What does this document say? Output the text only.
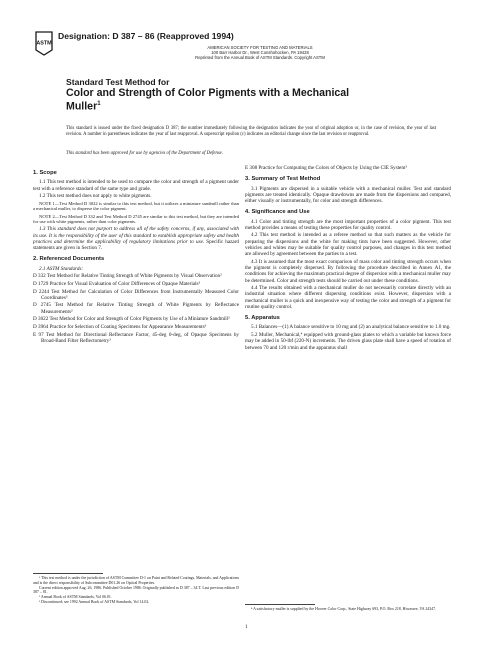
ASTM
Designation: D 387 – 86 (Reapproved 1994)
AMERICAN SOCIETY FOR TESTING AND MATERIALS
100 Barr Harbor Dr., West Conshohocken, PA 19428
Reprinted from the Annual Book of ASTM Standards. Copyright ASTM
Standard Test Method for
Color and Strength of Color Pigments with a Mechanical Muller$^1$
This standard is issued under the fixed designation D 387; the number immediately following the designation indicates the year of original adoption or, in the case of revision, the year of last revision. A number in parentheses indicates the year of last reapproval. A superscript epsilon (ε) indicates an editorial change since the last revision or reapproval.
This standard has been approved for use by agencies of the Department of Defense.

1. Scope

1.1 This test method is intended to be used to compare the color and strength of a pigment under test with a reference standard of the same type and grade.

1.2 This test method does not apply to white pigments.

NOTE 1—Test Method D 3022 is similar to this test method, but it utilizes a miniature sandmill rather than a mechanical muller, to disperse the color pigment.

NOTE 2—Test Method D 332 and Test Method D 2745 are similar to this test method, but they are intended for use with white pigments, rather than color pigments.

1.3 This standard does not purport to address all of the safety concerns, if any, associated with its use. It is the responsibility of the user of this standard to establish appropriate safety and health practices and determine the applicability of regulatory limitations prior to use. Specific hazard statements are given in Section 7.

2. Referenced Documents

2.1 ASTM Standards:

D 332 Test Method for Relative Tinting Strength of White Pigments by Visual Observation²

D 1729 Practice for Visual Evaluation of Color Differences of Opaque Materials³

D 2244 Test Method for Calculation of Color Differences from Instrumentally Measured Color Coordinates³

D 2745 Test Method for Relative Tinting Strength of White Pigments by Reflectance Measurements²

D 3022 Test Method for Color and Strength of Color Pigments by Use of a Miniature Sandmill²

D 3964 Practice for Selection of Coating Specimens for Appearance Measurements³

E 97 Test Method for Directional Reflectance Factor, 45-deg 0-deg, of Opaque Specimens by Broad-Band Filter Reflectometry³

E 308 Practice for Computing the Colors of Objects by Using the CIE System³

3. Summary of Test Method

3.1 Pigments are dispersed in a suitable vehicle with a mechanical muller. Test and standard pigments are treated identically. Opaque drawdowns are made from the dispersions and compared, either visually or instrumentally, for color and strength differences.

4. Significance and Use

4.1 Color and tinting strength are the most important properties of a color pigment. This test method provides a means of testing these properties for quality control.

4.2 This test method is intended as a referee method so that such matters as the vehicle for preparing the dispersions and the white for making tints have been suggested. However, other vehicles and whites may be suitable for quality control purposes, and changes in this test method are allowed by agreement between the parties to a test.

4.3 It is assumed that the most exact comparison of mass color and tinting strength occurs when the pigment is completely dispersed. By following the procedure described in Annex A1, the conditions for achieving the maximum practical degree of dispersion with a mechanical muller may be determined. Color and strength tests should be carried out under these conditions.

4.4 The results obtained with a mechanical muller do not necessarily correlate directly with an industrial situation where different dispersing conditions exist. However, dispersion with a mechanical muller is a quick and inexpensive way of testing the color and strength of a pigment for routine quality control.

5. Apparatus

5.1 Balances—(1) A balance sensitive to 10 mg and (2) an analytical balance sensitive to 1.0 mg.

5.2 Muller, Mechanical,⁴ equipped with ground-glass plates to which a variable but known force may be added in 50-lbf (220-N) increments. The driven glass plate shall have a speed of rotation of between 70 and 120 r/min and the apparatus shall

¹ This test method is under the jurisdiction of ASTM Committee D-1 on Paint and Related Coatings, Materials, and Applications and is the direct responsibility of Subcommittee D01.26 on Optical Properties.

Current edition approved Aug. 26, 1986. Published October 1986. Originally published as D 387 – 34 T. Last previous edition D 387 – 81.

² Annual Book of ASTM Standards, Vol 06.01.

³ Discontinued; see 1992 Annual Book of ASTM Standards, Vol 14.02.

⁴ A satisfactory muller is supplied by the Hoover Color Corp., State Highway 693, P.O. Box 218, Hiwassee, VA 24347.

1
